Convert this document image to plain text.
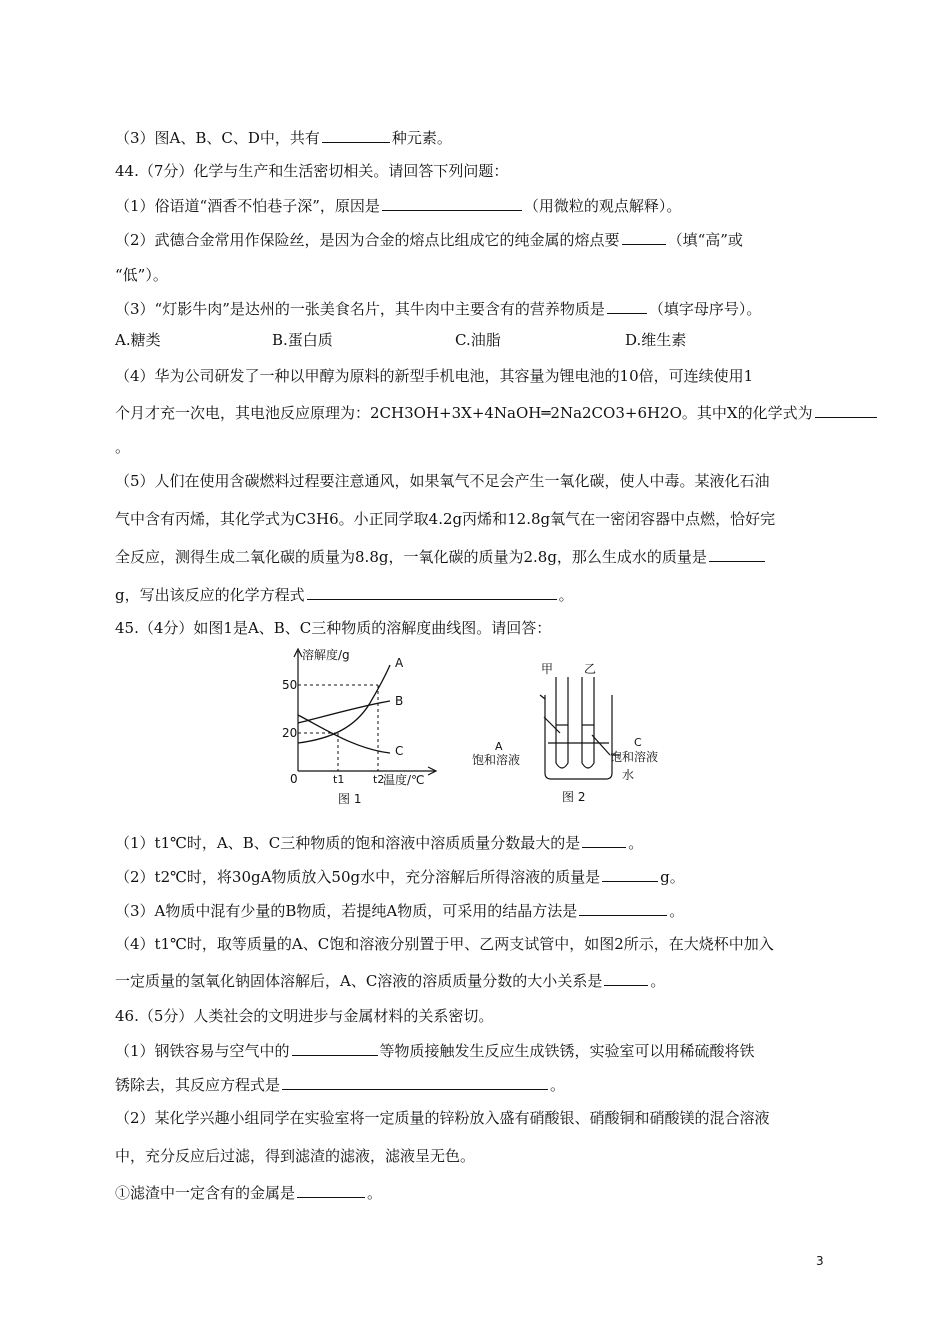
（3）图A、B、C、D中，共有	种元素。
44.（7分）化学与生产和生活密切相关。请回答下列问题：
（1）俗语道“酒香不怕巷子深”，原因是	（用微粒的观点解释）。
（2）武德合金常用作保险丝，是因为合金的熔点比组成它的纯金属的熔点要	（填“高”或
“低”）。
（3）“灯影牛肉”是达州的一张美食名片，其牛肉中主要含有的营养物质是	（填字母序号）。
（4）华为公司研发了一种以甲醇为原料的新型手机电池，其容量为锂电池的10倍，可连续使用1
个月才充一次电，其电池反应原理为：2CH3OH+3X+4NaOH═2Na2CO3+6H2O。其中X的化学式为
。
（5）人们在使用含碳燃料过程要注意通风，如果氧气不足会产生一氧化碳，使人中毒。某液化石油
气中含有丙烯，其化学式为C3H6。小正同学取4.2g丙烯和12.8g氧气在一密闭容器中点燃，恰好完
全反应，测得生成二氧化碳的质量为8.8g，一氧化碳的质量为2.8g，那么生成水的质量是
g，写出该反应的化学方程式	。
45.（4分）如图1是A、B、C三种物质的溶解度曲线图。请回答：
（1）t1℃时，A、B、C三种物质的饱和溶液中溶质质量分数最大的是	。
（2）t2℃时，将30gA物质放入50g水中，充分溶解后所得溶液的质量是	g。
（3）A物质中混有少量的B物质，若提纯A物质，可采用的结晶方法是	。
（4）t1℃时，取等质量的A、C饱和溶液分别置于甲、乙两支试管中，如图2所示，在大烧杯中加入
一定质量的氢氧化钠固体溶解后，A、C溶液的溶质质量分数的大小关系是	。
46.（5分）人类社会的文明进步与金属材料的关系密切。
（1）钢铁容易与空气中的	等物质接触发生反应生成铁锈，实验室可以用稀硫酸将铁
锈除去，其反应方程式是	。
（2）某化学兴趣小组同学在实验室将一定质量的锌粉放入盛有硝酸银、硝酸铜和硝酸镁的混合溶液
中，充分反应后过滤，得到滤渣的滤液，滤液呈无色。
①滤渣中一定含有的金属是	。
A.糖类	B.蛋白质	C.油脂	D.维生素
溶解度/g
A
B
C
50
20
0	t1	t2
温度/℃
图 1
甲	乙
A
饱和溶液
C
饱和溶液
水
图 2
3
